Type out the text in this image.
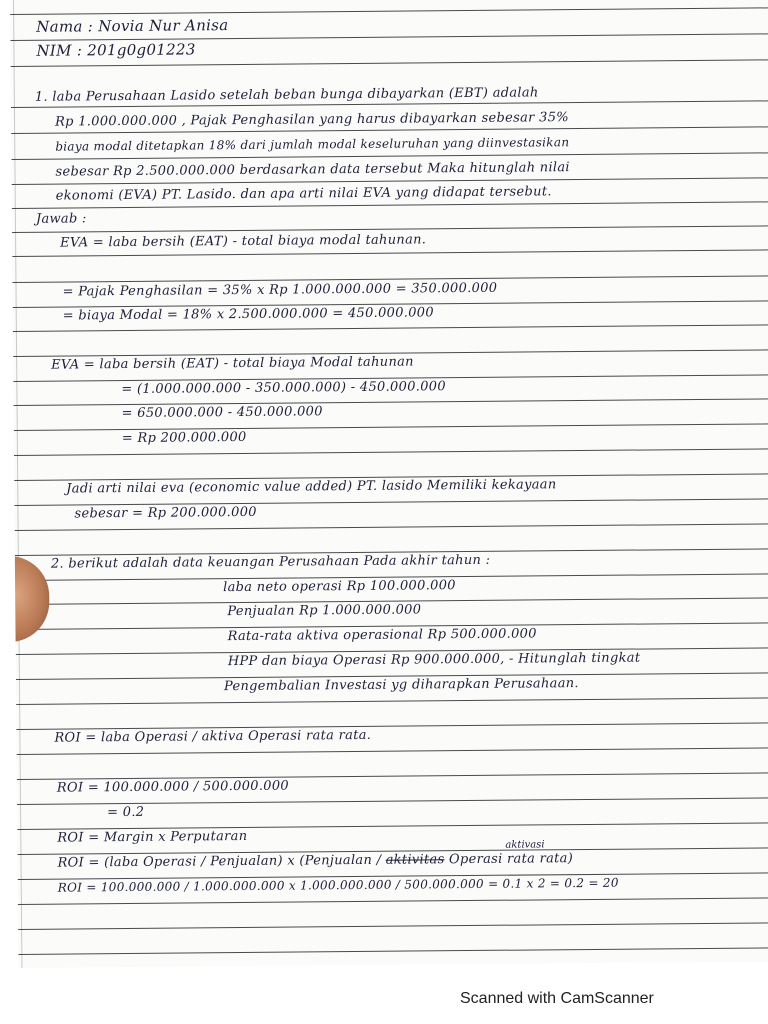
Nama : Novia Nur Anisa
NIM : 201g0g01223
1. laba Perusahaan Lasido setelah beban bunga dibayarkan (EBT) adalah
Rp 1.000.000.000 , Pajak Penghasilan yang harus dibayarkan sebesar 35%
biaya modal ditetapkan 18% dari jumlah modal keseluruhan yang diinvestasikan
sebesar Rp 2.500.000.000 berdasarkan data tersebut Maka hitunglah nilai
ekonomi (EVA) PT. Lasido. dan apa arti nilai EVA yang didapat tersebut.
Jawab :
EVA = laba bersih (EAT) - total biaya modal tahunan.
= Pajak Penghasilan = 35% x Rp 1.000.000.000 = 350.000.000
= biaya Modal = 18% x 2.500.000.000 = 450.000.000
EVA = laba bersih (EAT) - total biaya Modal tahunan
= (1.000.000.000 - 350.000.000) - 450.000.000
= 650.000.000 - 450.000.000
= Rp 200.000.000
Jadi arti nilai eva (economic value added) PT. lasido Memiliki kekayaan
sebesar = Rp 200.000.000
2. berikut adalah data keuangan Perusahaan Pada akhir tahun :
laba neto operasi Rp 100.000.000
Penjualan Rp 1.000.000.000
Rata-rata aktiva operasional Rp 500.000.000
HPP dan biaya Operasi Rp 900.000.000, - Hitunglah tingkat
Pengembalian Investasi yg diharapkan Perusahaan.
ROI = laba Operasi / aktiva Operasi rata rata.
ROI = 100.000.000 / 500.000.000
= 0.2
ROI = Margin x Perputaran	aktivasi
ROI = (laba Operasi / Penjualan) x (Penjualan / aktivitas Operasi rata rata)
ROI = 100.000.000 / 1.000.000.000 x 1.000.000.000 / 500.000.000 = 0.1 x 2 = 0.2 = 20
Scanned with CamScanner
